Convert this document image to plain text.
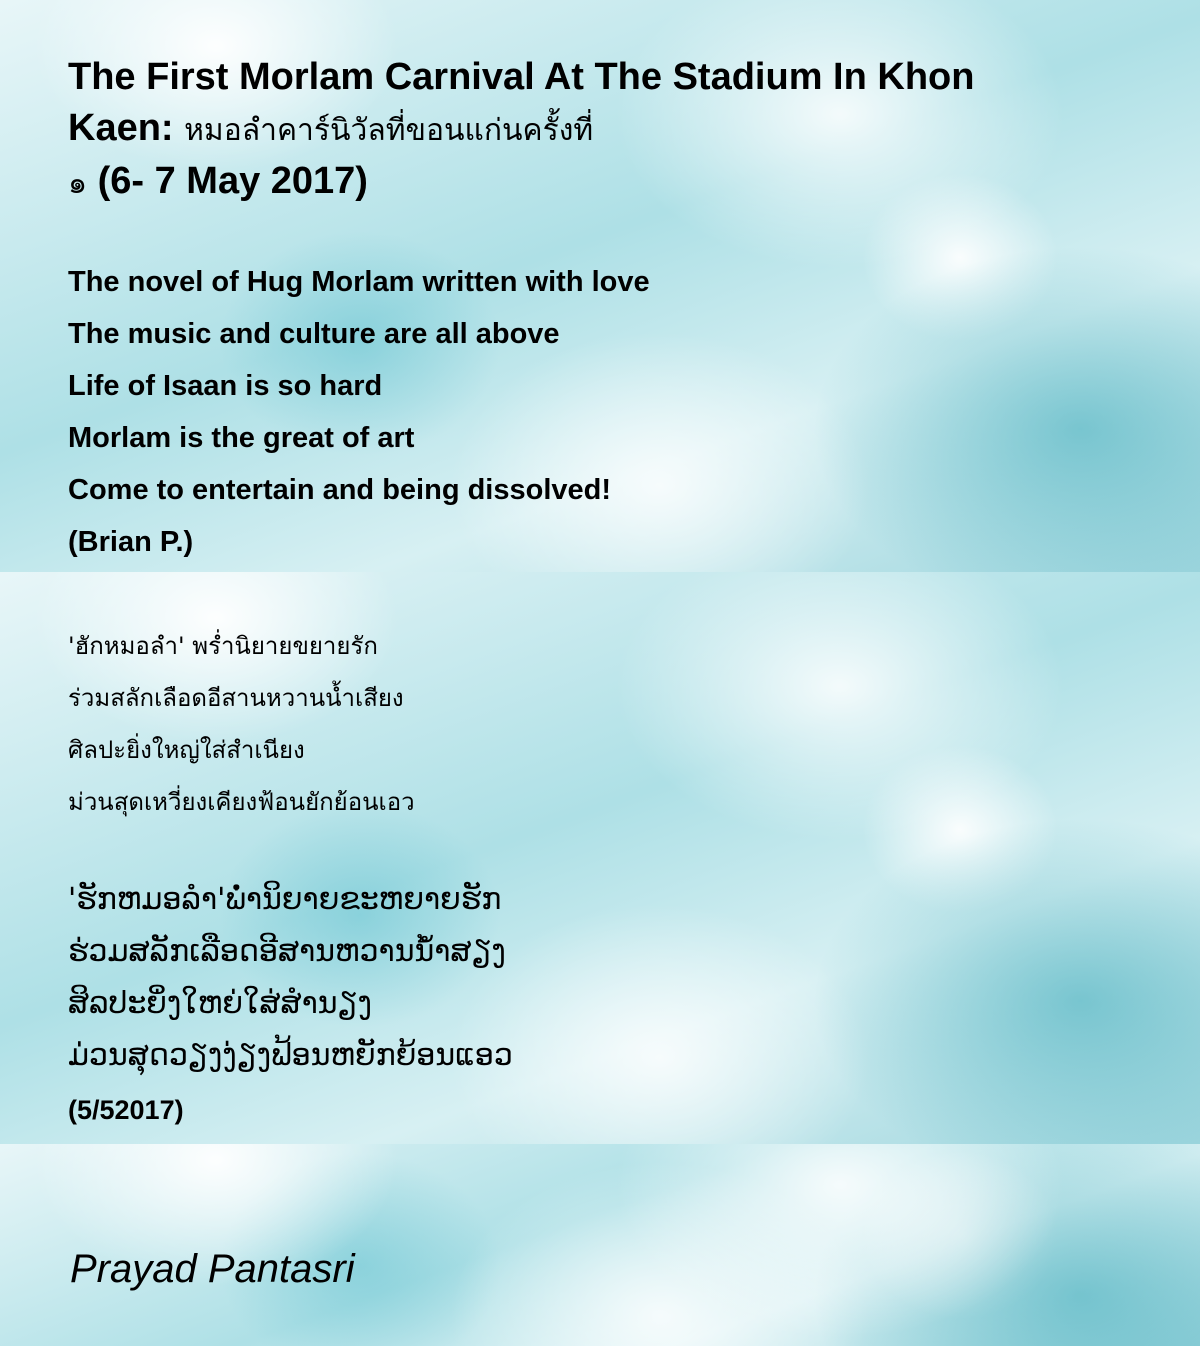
The First Morlam Carnival At The Stadium In Khon Kaen: หมอลำคาร์นิวัลที่ขอนแก่นครั้งที่
๑ (6- 7 May 2017)
The novel of Hug Morlam written with love
The music and culture are all above
Life of Isaan is so hard
Morlam is the great of art
Come to entertain and being dissolved!
(Brian P.)
'ฮักหมอลำ' พร่ำนิยายขยายรัก
ร่วมสลักเลือดอีสานหวานน้ำเสียง
ศิลปะยิ่งใหญ่ใส่สำเนียง
ม่วนสุดเหวี่ยงเคียงฟ้อนยักย้อนเอว
'ຮັກຫມອລຳ'ພ່ຳນິຍາຍຂະຫຍາຍຮັກ
ຮ່ວມສລັກເລືອດອີສານຫວານນ້ຳສຽງ
ສິລປະຍິ່ງໃຫຍ່ໃສ່ສຳນຽງ
ມ່ວນສຸດວຽງງ່ຽງຟ້ອນຫຍັກຍ້ອນແອວ
(5/52017)
Prayad Pantasri
